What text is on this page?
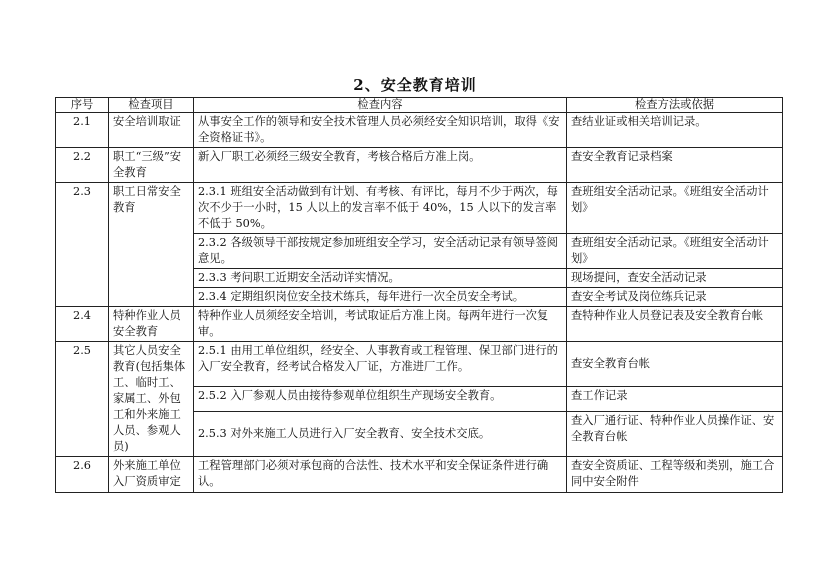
2、安全教育培训
序号	检查项目	检查内容	检查方法或依据
2.1	安全培训取证	从事安全工作的领导和安全技术管理人员必须经安全知识培训，取得《安全资格证书》。	查结业证或相关培训记录。
2.2	职工“三级”安全教育	新入厂职工必须经三级安全教育，考核合格后方准上岗。	查安全教育记录档案
2.3	职工日常安全教育	2.3.1 班组安全活动做到有计划、有考核、有评比，每月不少于两次，每次不少于一小时，15 人以上的发言率不低于 40%，15 人以下的发言率不低于 50%。	查班组安全活动记录。《班组安全活动计划》
		2.3.2 各级领导干部按规定参加班组安全学习，安全活动记录有领导签阅意见。	查班组安全活动记录。《班组安全活动计划》
		2.3.3 考问职工近期安全活动详实情况。	现场提问，查安全活动记录
		2.3.4 定期组织岗位安全技术练兵，每年进行一次全员安全考试。	查安全考试及岗位练兵记录
2.4	特种作业人员安全教育	特种作业人员须经安全培训，考试取证后方准上岗。每两年进行一次复审。	查特种作业人员登记表及安全教育台帐
2.5	其它人员安全教育(包括集体工、临时工、家属工、外包工和外来施工人员、参观人员)	2.5.1 由用工单位组织，经安全、人事教育或工程管理、保卫部门进行的入厂安全教育，经考试合格发入厂证，方准进厂工作。	查安全教育台帐
		2.5.2 入厂参观人员由接待参观单位组织生产现场安全教育。	查工作记录
		2.5.3 对外来施工人员进行入厂安全教育、安全技术交底。	查入厂通行证、特种作业人员操作证、安全教育台帐
2.6	外来施工单位入厂资质审定	工程管理部门必须对承包商的合法性、技术水平和安全保证条件进行确认。	查安全资质证、工程等级和类别，施工合同中安全附件
